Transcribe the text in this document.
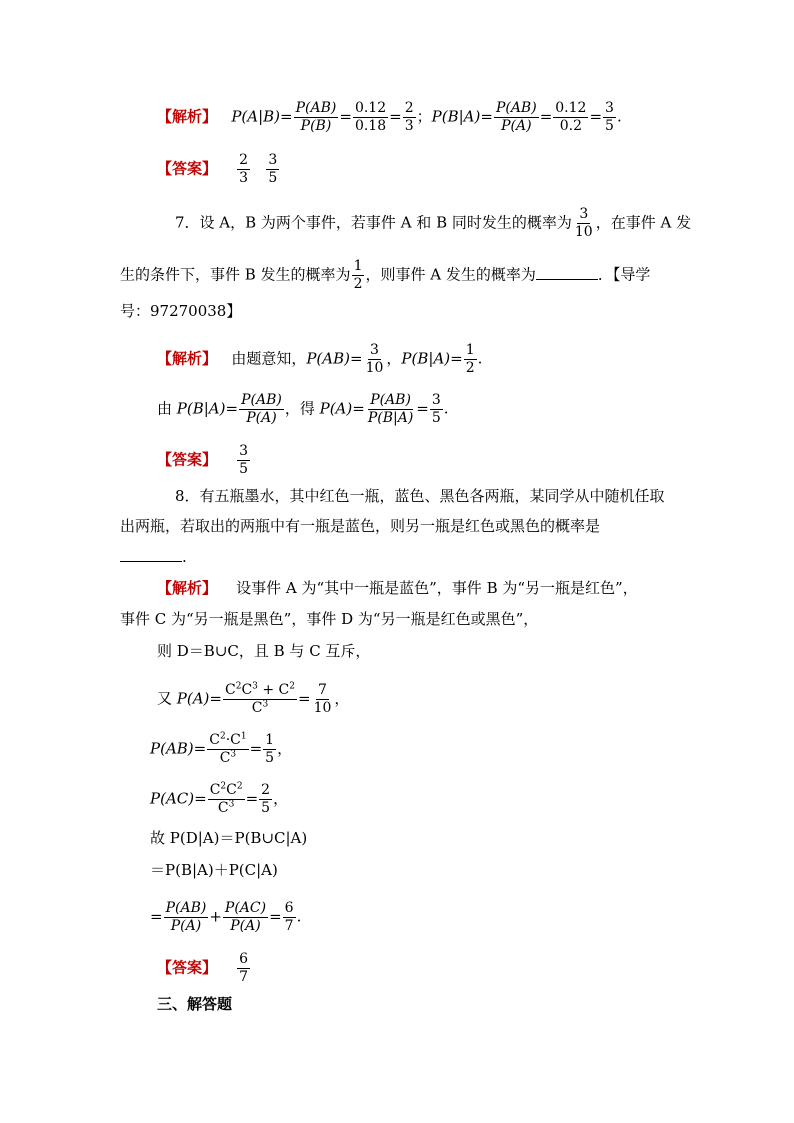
【解析】 $P(A|B)= \frac{P(AB)}{P(B)} = \frac{0.12}{0.18} = \frac{2}{3}$ ；$P(B|A)= \frac{P(AB)}{P(A)} = \frac{0.12}{0.2} = \frac{3}{5}$ .
【答案】 $\frac{2}{3}$
$\frac{3}{5}$
7．设 A，B 为两个事件，若事件 A 和 B 同时发生的概率为 $\frac{3}{10}$ ，在事件 A 发
生的条件下，事件 B 发生的概率为 $\frac{1}{2}$ ，则事件 A 发生的概率为	．【导学
号：97270038】
【解析】 由题意知，$P(AB)= \frac{3}{10}$ ，$P(B|A)= \frac{1}{2}$ .
由 $P(B|A)= \frac{P(AB)}{P(A)}$ ，得 $P(A)= \frac{P(AB)}{P(B|A)} = \frac{3}{5}$ .
【答案】 $\frac{3}{5}$
8．有五瓶墨水，其中红色一瓶，蓝色、黑色各两瓶，某同学从中随机任取
出两瓶，若取出的两瓶中有一瓶是蓝色，则另一瓶是红色或黑色的概率是
.
【解析】 设事件 A 为“其中一瓶是蓝色”，事件 B 为“另一瓶是红色”，
事件 C 为“另一瓶是黑色”，事件 D 为“另一瓶是红色或黑色”，
则 D＝B∪C，且 B 与 C 互斥，
又 $P(A)= \frac{C^2C^3 + C^2}{C^3} = \frac{7}{10}$ ，
$P(AB)= \frac{C^2\cdot C^1}{C^3} = \frac{1}{5}$ ，
$P(AC)= \frac{C^2C^2}{C^3} = \frac{2}{5}$ ，
故 P(D|A)＝P(B∪C|A)
＝P(B|A)＋P(C|A)
= $\frac{P(AB)}{P(A)} + \frac{P(AC)}{P(A)} = \frac{6}{7}$ .
【答案】 $\frac{6}{7}$
三、解答题
